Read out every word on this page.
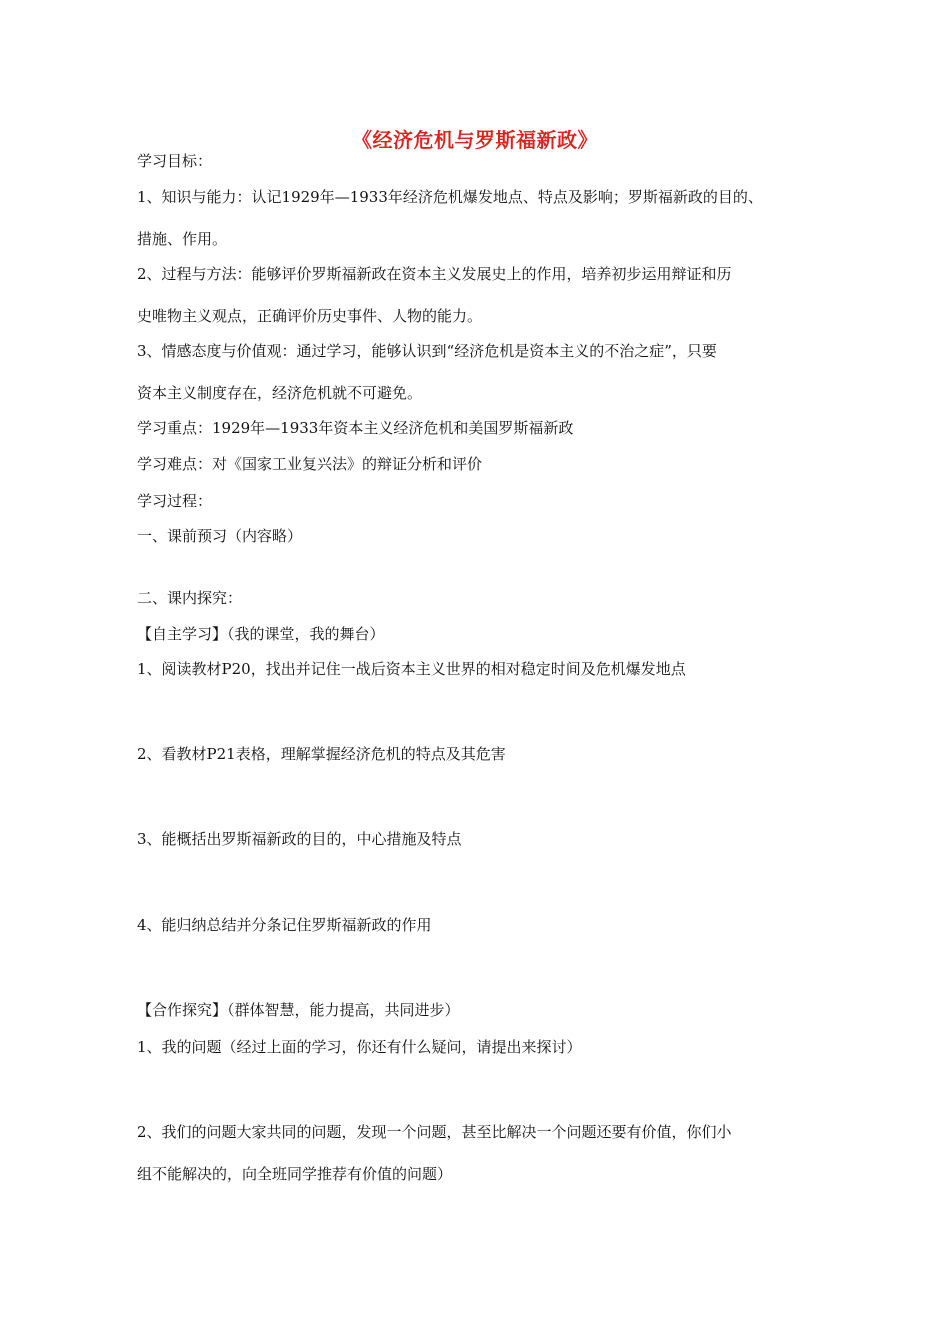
《经济危机与罗斯福新政》
学习目标：
1、知识与能力：认记1929年—1933年经济危机爆发地点、特点及影响；罗斯福新政的目的、
措施、作用。
2、过程与方法：能够评价罗斯福新政在资本主义发展史上的作用，培养初步运用辩证和历
史唯物主义观点，正确评价历史事件、人物的能力。
3、情感态度与价值观：通过学习，能够认识到“经济危机是资本主义的不治之症”，只要
资本主义制度存在，经济危机就不可避免。
学习重点：1929年—1933年资本主义经济危机和美国罗斯福新政
学习难点：对《国家工业复兴法》的辩证分析和评价
学习过程：
一、课前预习（内容略）
二、课内探究：
【自主学习】（我的课堂，我的舞台）
1、阅读教材P20，找出并记住一战后资本主义世界的相对稳定时间及危机爆发地点
2、看教材P21表格，理解掌握经济危机的特点及其危害
3、能概括出罗斯福新政的目的，中心措施及特点
4、能归纳总结并分条记住罗斯福新政的作用
【合作探究】（群体智慧，能力提高，共同进步）
1、我的问题（经过上面的学习，你还有什么疑问，请提出来探讨）
2、我们的问题大家共同的问题，发现一个问题，甚至比解决一个问题还要有价值，你们小
组不能解决的，向全班同学推荐有价值的问题）
